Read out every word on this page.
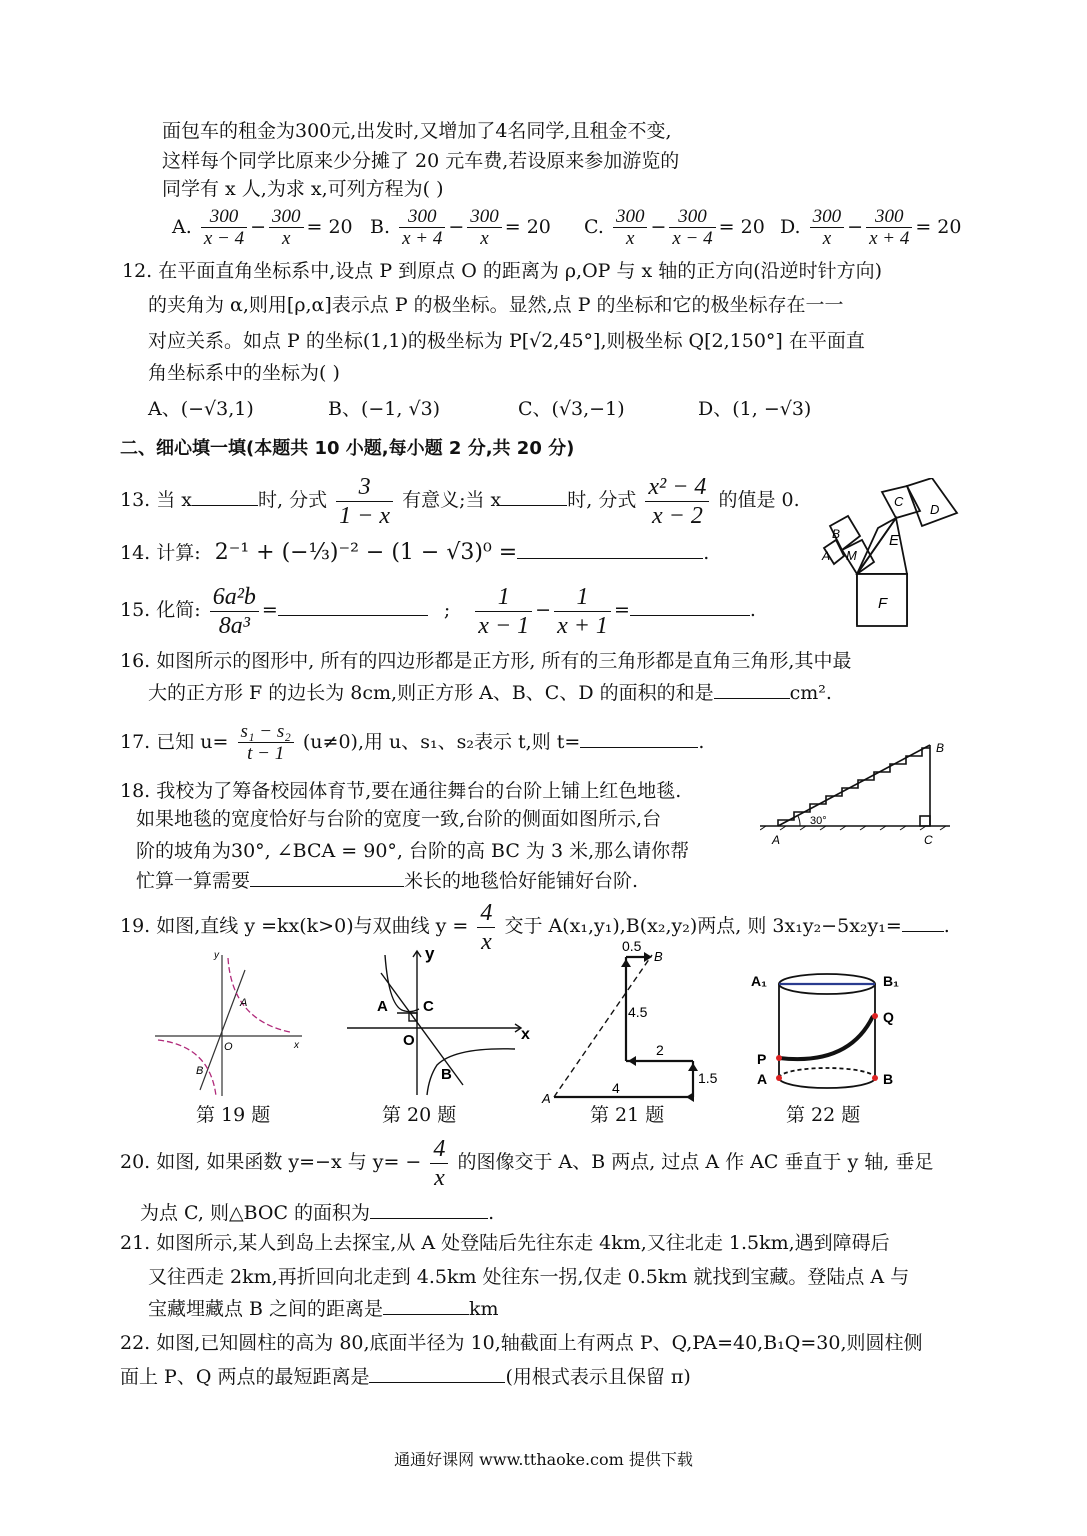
面包车的租金为300元,出发时,又增加了4名同学,且租金不变,
这样每个同学比原来少分摊了 20 元车费,若设原来参加游览的
同学有 x 人,为求 x,可列方程为( )
A. $\frac{300}{x - 4} - \frac{300}{x} = 20$ B. $\frac{300}{x + 4} - \frac{300}{x} = 20$ C. $\frac{300}{x} - \frac{300}{x - 4} = 20$ D. $\frac{300}{x} - \frac{300}{x + 4} = 20$
12. 在平面直角坐标系中,设点 P 到原点 O 的距离为 ρ,OP 与 x 轴的正方向(沿逆时针方向)
的夹角为 α,则用[ρ,α]表示点 P 的极坐标。显然,点 P 的坐标和它的极坐标存在一一
对应关系。如点 P 的坐标(1,1)的极坐标为 P[√2,45°],则极坐标 Q[2,150°] 在平面直
角坐标系中的坐标为( )
A、(−√3,1)	B、(−1, √3)	C、(√3,−1)	D、(1, −√3)
二、细心填一填(本题共 10 小题,每小题 2 分,共 20 分)
13. 当 x	时, 分式 $\frac{3}{1 - x}$ 有意义;当 x	时, 分式 $\frac{\text{x² − 4}}{x - 2}$ 的值是 0.
14. 计算: 2⁻¹ + (−⅓)⁻² − (1 − √3)⁰ =	.
15. 化简: $\frac{\text{6a²b}}{\text{8a³}}$ =	; $\frac{1}{x - 1} - \frac{1}{x + 1}$ =	.
16. 如图所示的图形中, 所有的四边形都是正方形, 所有的三角形都是直角三角形,其中最
大的正方形 F 的边长为 8cm,则正方形 A、B、C、D 的面积的和是	cm².
17. 已知 $u= \frac{\text{s₁ − s₂}}{t - 1} (u\ne 0)$,用 u、s₁、s₂表示 t,则 t=	.
18. 我校为了筹备校园体育节,要在通往舞台的台阶上铺上红色地毯.
如果地毯的宽度恰好与台阶的宽度一致,台阶的侧面如图所示,台
阶的坡角为30°, ∠BCA = 90°, 台阶的高 BC 为 3 米,那么请你帮
忙算一算需要	米长的地毯恰好能铺好台阶.
19. 如图,直线 y =kx(k>0)与双曲线 $y = \frac{4}{x}$ 交于 A(x₁,y₁),B(x₂,y₂)两点, 则 3x₁y₂−5x₂y₁= .
F
E
C
D
M
B
A
30°
A
B
C
y
x
A
O
B
y
x
A C
O
B
0.5
4.5
2
1.5
4
A
B
A₁	B₁
Q
P
A	B
第 19 题	第 20 题	第 21 题	第 22 题
20. 如图, 如果函数 y=−x 与 $y= - \frac{4}{x}$ 的图像交于 A、B 两点, 过点 A 作 AC 垂直于 y 轴, 垂足
为点 C, 则△BOC 的面积为	.
21. 如图所示,某人到岛上去探宝,从 A 处登陆后先往东走 4km,又往北走 1.5km,遇到障碍后
又往西走 2km,再折回向北走到 4.5km 处往东一拐,仅走 0.5km 就找到宝藏。登陆点 A 与
宝藏埋藏点 B 之间的距离是	km
22. 如图,已知圆柱的高为 80,底面半径为 10,轴截面上有两点 P、Q,PA=40,B₁Q=30,则圆柱侧
面上 P、Q 两点的最短距离是	(用根式表示且保留 π)
通通好课网 www.tthaoke.com 提供下载
